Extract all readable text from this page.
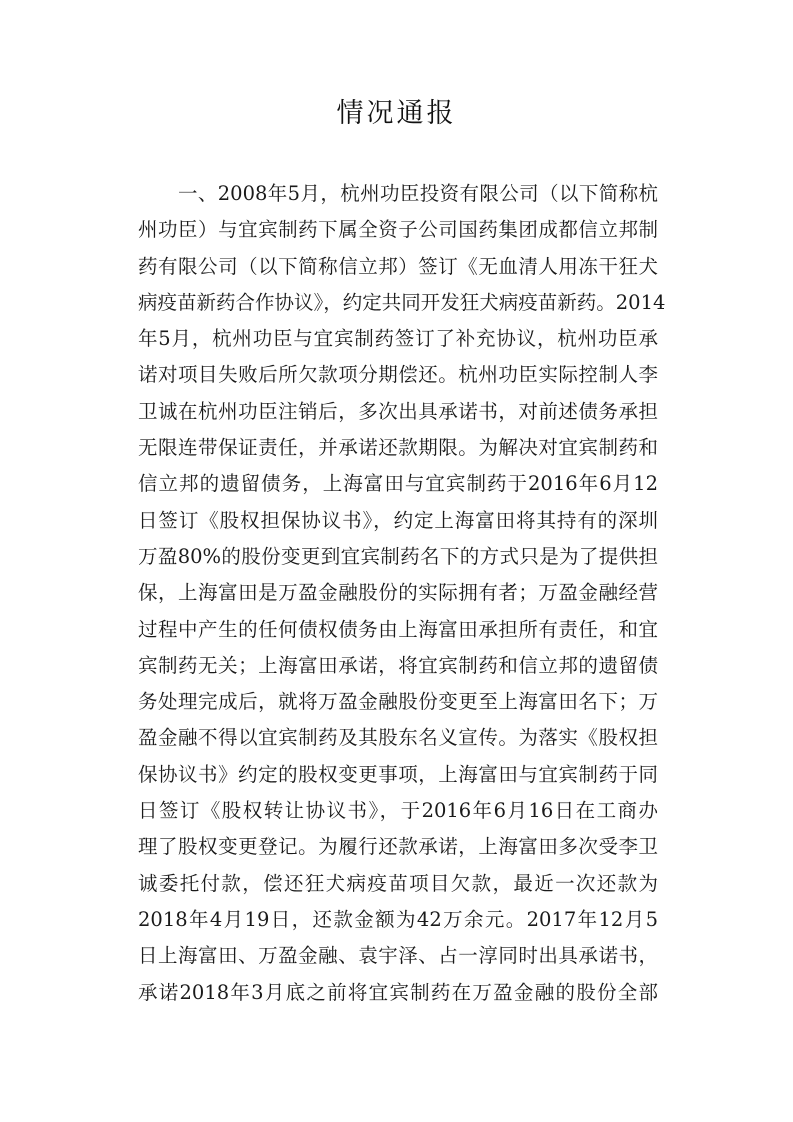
情况通报
一、2008年5月，杭州功臣投资有限公司（以下简称杭
州功臣）与宜宾制药下属全资子公司国药集团成都信立邦制
药有限公司（以下简称信立邦）签订《无血清人用冻干狂犬
病疫苗新药合作协议》，约定共同开发狂犬病疫苗新药。2014
年5月，杭州功臣与宜宾制药签订了补充协议，杭州功臣承
诺对项目失败后所欠款项分期偿还。杭州功臣实际控制人李
卫诚在杭州功臣注销后，多次出具承诺书，对前述债务承担
无限连带保证责任，并承诺还款期限。为解决对宜宾制药和
信立邦的遗留债务，上海富田与宜宾制药于2016年6月12
日签订《股权担保协议书》，约定上海富田将其持有的深圳
万盈80%的股份变更到宜宾制药名下的方式只是为了提供担
保，上海富田是万盈金融股份的实际拥有者；万盈金融经营
过程中产生的任何债权债务由上海富田承担所有责任，和宜
宾制药无关；上海富田承诺，将宜宾制药和信立邦的遗留债
务处理完成后，就将万盈金融股份变更至上海富田名下；万
盈金融不得以宜宾制药及其股东名义宣传。为落实《股权担
保协议书》约定的股权变更事项，上海富田与宜宾制药于同
日签订《股权转让协议书》，于2016年6月16日在工商办
理了股权变更登记。为履行还款承诺，上海富田多次受李卫
诚委托付款，偿还狂犬病疫苗项目欠款，最近一次还款为
2018年4月19日，还款金额为42万余元。2017年12月5
日上海富田、万盈金融、袁宇泽、占一淳同时出具承诺书，
承诺2018年3月底之前将宜宾制药在万盈金融的股份全部
